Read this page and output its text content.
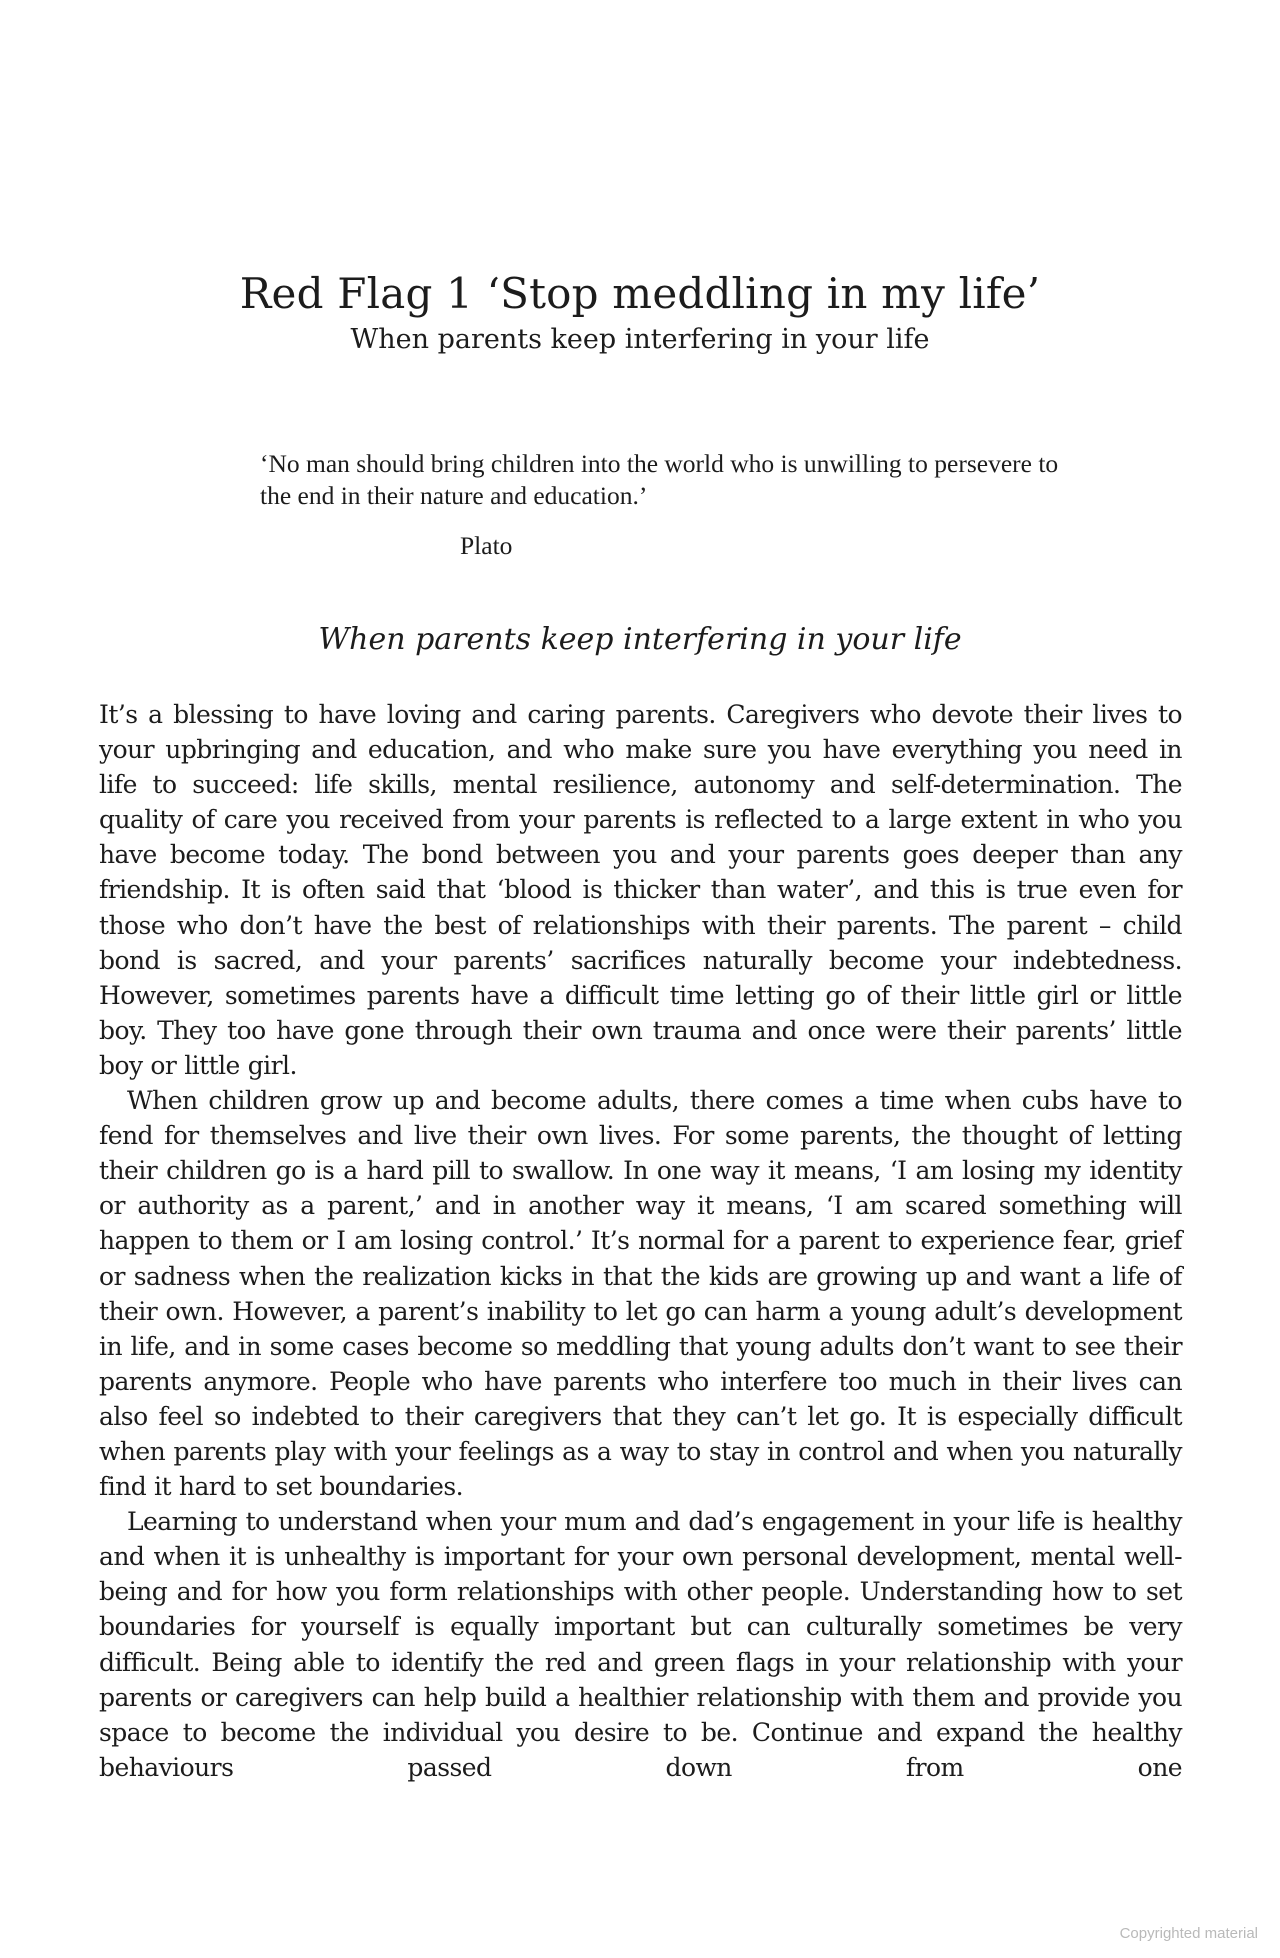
Red Flag 1 ‘Stop meddling in my life’
When parents keep interfering in your life

‘No man should bring children into the world who is unwilling to persevere to the end in their nature and education.’

Plato

When parents keep interfering in your life

It’s a blessing to have loving and caring parents. Caregivers who devote their lives to your upbringing and education, and who make sure you have everything you need in life to succeed: life skills, mental resilience, autonomy and self-determination. The quality of care you received from your parents is reflected to a large extent in who you have become today. The bond between you and your parents goes deeper than any friendship. It is often said that ‘blood is thicker than water’, and this is true even for those who don’t have the best of relationships with their parents. The parent – child bond is sacred, and your parents’ sacrifices naturally become your indebtedness. However, sometimes parents have a difficult time letting go of their little girl or little boy. They too have gone through their own trauma and once were their parents’ little boy or little girl.

When children grow up and become adults, there comes a time when cubs have to fend for themselves and live their own lives. For some parents, the thought of letting their children go is a hard pill to swallow. In one way it means, ‘I am losing my identity or authority as a parent,’ and in another way it means, ‘I am scared something will happen to them or I am losing control.’ It’s normal for a parent to experience fear, grief or sadness when the realization kicks in that the kids are growing up and want a life of their own. However, a parent’s inability to let go can harm a young adult’s development in life, and in some cases become so meddling that young adults don’t want to see their parents anymore. People who have parents who interfere too much in their lives can also feel so indebted to their caregivers that they can’t let go. It is especially difficult when parents play with your feelings as a way to stay in control and when you naturally find it hard to set boundaries.

Learning to understand when your mum and dad’s engagement in your life is healthy and when it is unhealthy is important for your own personal development, mental well-being and for how you form relationships with other people. Understanding how to set boundaries for yourself is equally important but can culturally sometimes be very difficult. Being able to identify the red and green flags in your relationship with your parents or caregivers can help build a healthier relationship with them and provide you space to become the individual you desire to be. Continue and expand the healthy behaviours passed down from one

Copyrighted material
